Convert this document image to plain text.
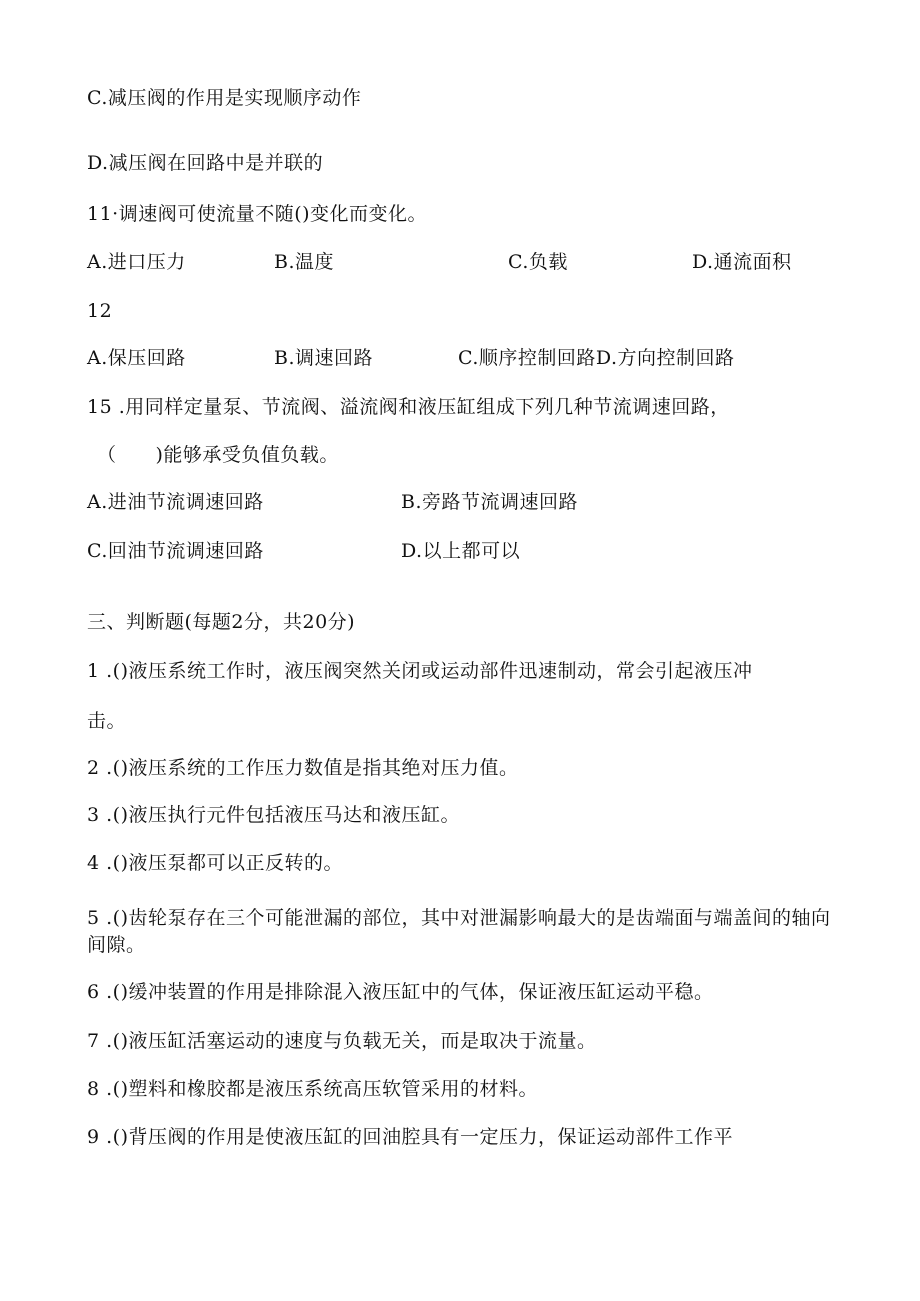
C.减压阀的作用是实现顺序动作
D.减压阀在回路中是并联的
11·调速阀可使流量不随()变化而变化。
A.进口压力	B.温度	C.负载	D.通流面积
12
A.保压回路	B.调速回路	C.顺序控制回路D.方向控制回路
15 .用同样定量泵、节流阀、溢流阀和液压缸组成下列几种节流调速回路，
（　　)能够承受负值负载。
A.进油节流调速回路	B.旁路节流调速回路
C.回油节流调速回路	D.以上都可以
三、判断题(每题2分，共20分)
1 .()液压系统工作时，液压阀突然关闭或运动部件迅速制动，常会引起液压冲
击。
2 .()液压系统的工作压力数值是指其绝对压力值。
3 .()液压执行元件包括液压马达和液压缸。
4 .()液压泵都可以正反转的。
5 .()齿轮泵存在三个可能泄漏的部位，其中对泄漏影响最大的是齿端面与端盖间的轴向间隙。
6 .()缓冲装置的作用是排除混入液压缸中的气体，保证液压缸运动平稳。
7 .()液压缸活塞运动的速度与负载无关，而是取决于流量。
8 .()塑料和橡胶都是液压系统高压软管采用的材料。
9 .()背压阀的作用是使液压缸的回油腔具有一定压力，保证运动部件工作平
